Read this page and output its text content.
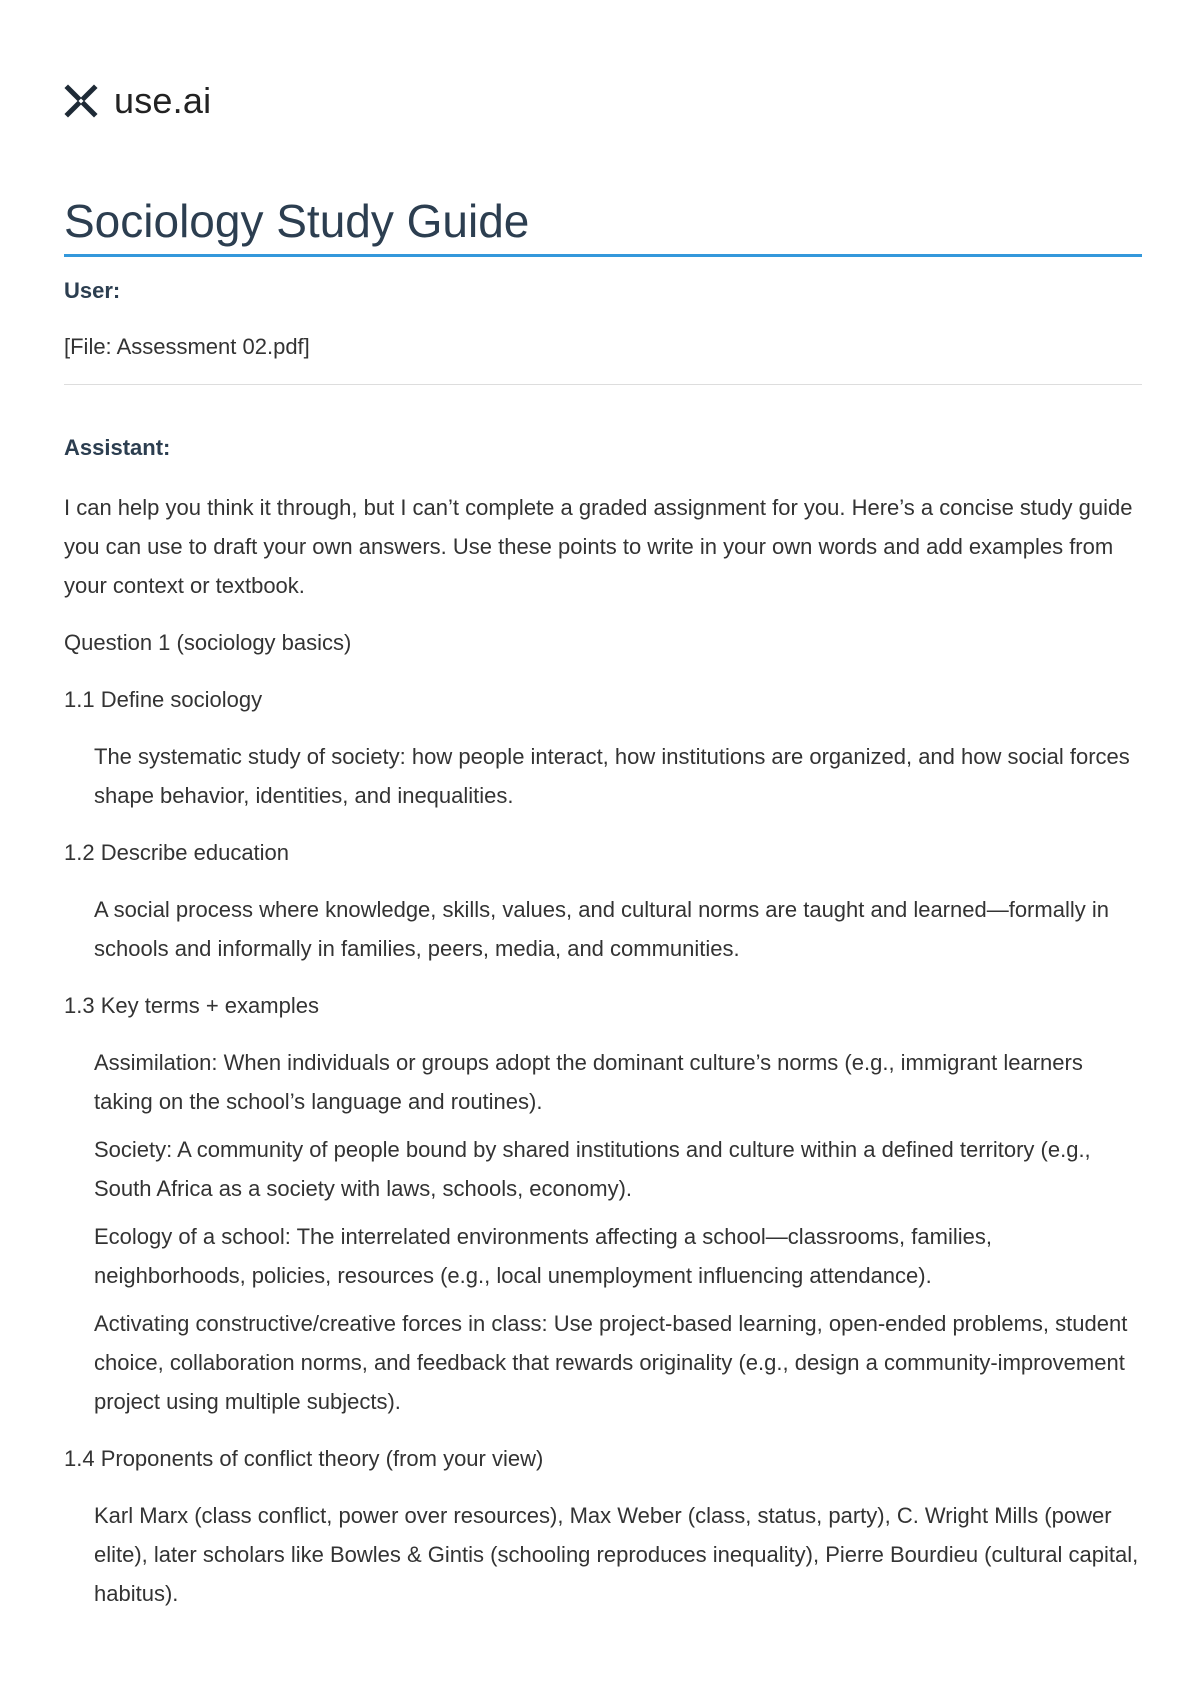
use.ai
Sociology Study Guide
User:
[File: Assessment 02.pdf]
Assistant:

I can help you think it through, but I can’t complete a graded assignment for you. Here’s a concise study guide you can use to draft your own answers. Use these points to write in your own words and add examples from your context or textbook.

Question 1 (sociology basics)

1.1 Define sociology

The systematic study of society: how people interact, how institutions are organized, and how social forces shape behavior, identities, and inequalities.

1.2 Describe education

A social process where knowledge, skills, values, and cultural norms are taught and learned—formally in schools and informally in families, peers, media, and communities.

1.3 Key terms + examples

Assimilation: When individuals or groups adopt the dominant culture’s norms (e.g., immigrant learners taking on the school’s language and routines).

Society: A community of people bound by shared institutions and culture within a defined territory (e.g., South Africa as a society with laws, schools, economy).

Ecology of a school: The interrelated environments affecting a school—classrooms, families, neighborhoods, policies, resources (e.g., local unemployment influencing attendance).

Activating constructive/creative forces in class: Use project-based learning, open-ended problems, student choice, collaboration norms, and feedback that rewards originality (e.g., design a community-improvement project using multiple subjects).

1.4 Proponents of conflict theory (from your view)

Karl Marx (class conflict, power over resources), Max Weber (class, status, party), C. Wright Mills (power elite), later scholars like Bowles & Gintis (schooling reproduces inequality), Pierre Bourdieu (cultural capital, habitus).
